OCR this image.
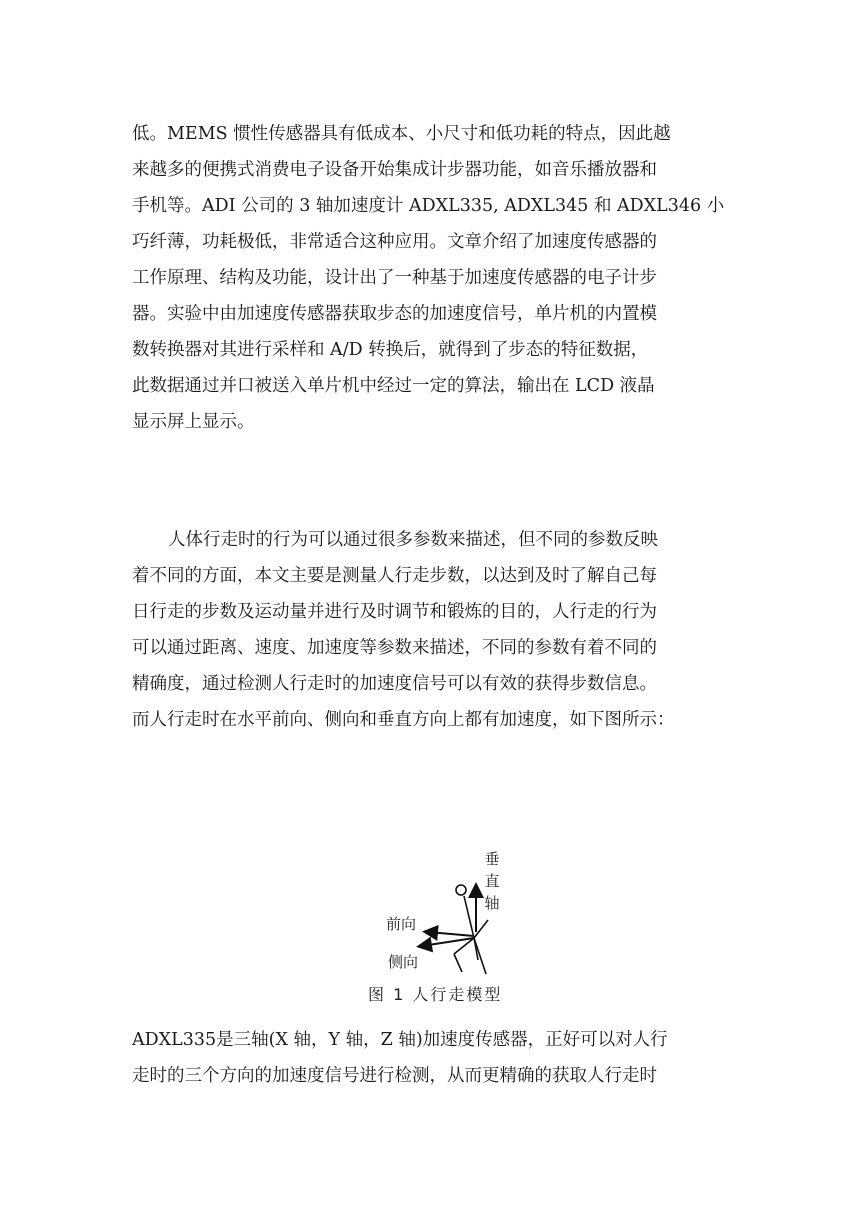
低。MEMS 惯性传感器具有低成本、小尺寸和低功耗的特点，因此越
来越多的便携式消费电子设备开始集成计步器功能，如音乐播放器和
手机等。ADI 公司的 3 轴加速度计 ADXL335, ADXL345 和 ADXL346 小
巧纤薄，功耗极低，非常适合这种应用。文章介绍了加速度传感器的
工作原理、结构及功能，设计出了一种基于加速度传感器的电子计步
器。实验中由加速度传感器获取步态的加速度信号，单片机的内置模
数转换器对其进行采样和 A/D 转换后，就得到了步态的特征数据，
此数据通过并口被送入单片机中经过一定的算法，输出在 LCD 液晶
显示屏上显示。
人体行走时的行为可以通过很多参数来描述，但不同的参数反映
着不同的方面，本文主要是测量人行走步数，以达到及时了解自己每
日行走的步数及运动量并进行及时调节和锻炼的目的，人行走的行为
可以通过距离、速度、加速度等参数来描述，不同的参数有着不同的
精确度，通过检测人行走时的加速度信号可以有效的获得步数信息。
而人行走时在水平前向、侧向和垂直方向上都有加速度，如下图所示：
垂
直
轴
前向
侧向
图 1 人行走模型
ADXL335是三轴(X 轴，Y 轴，Z 轴)加速度传感器，正好可以对人行
走时的三个方向的加速度信号进行检测，从而更精确的获取人行走时
